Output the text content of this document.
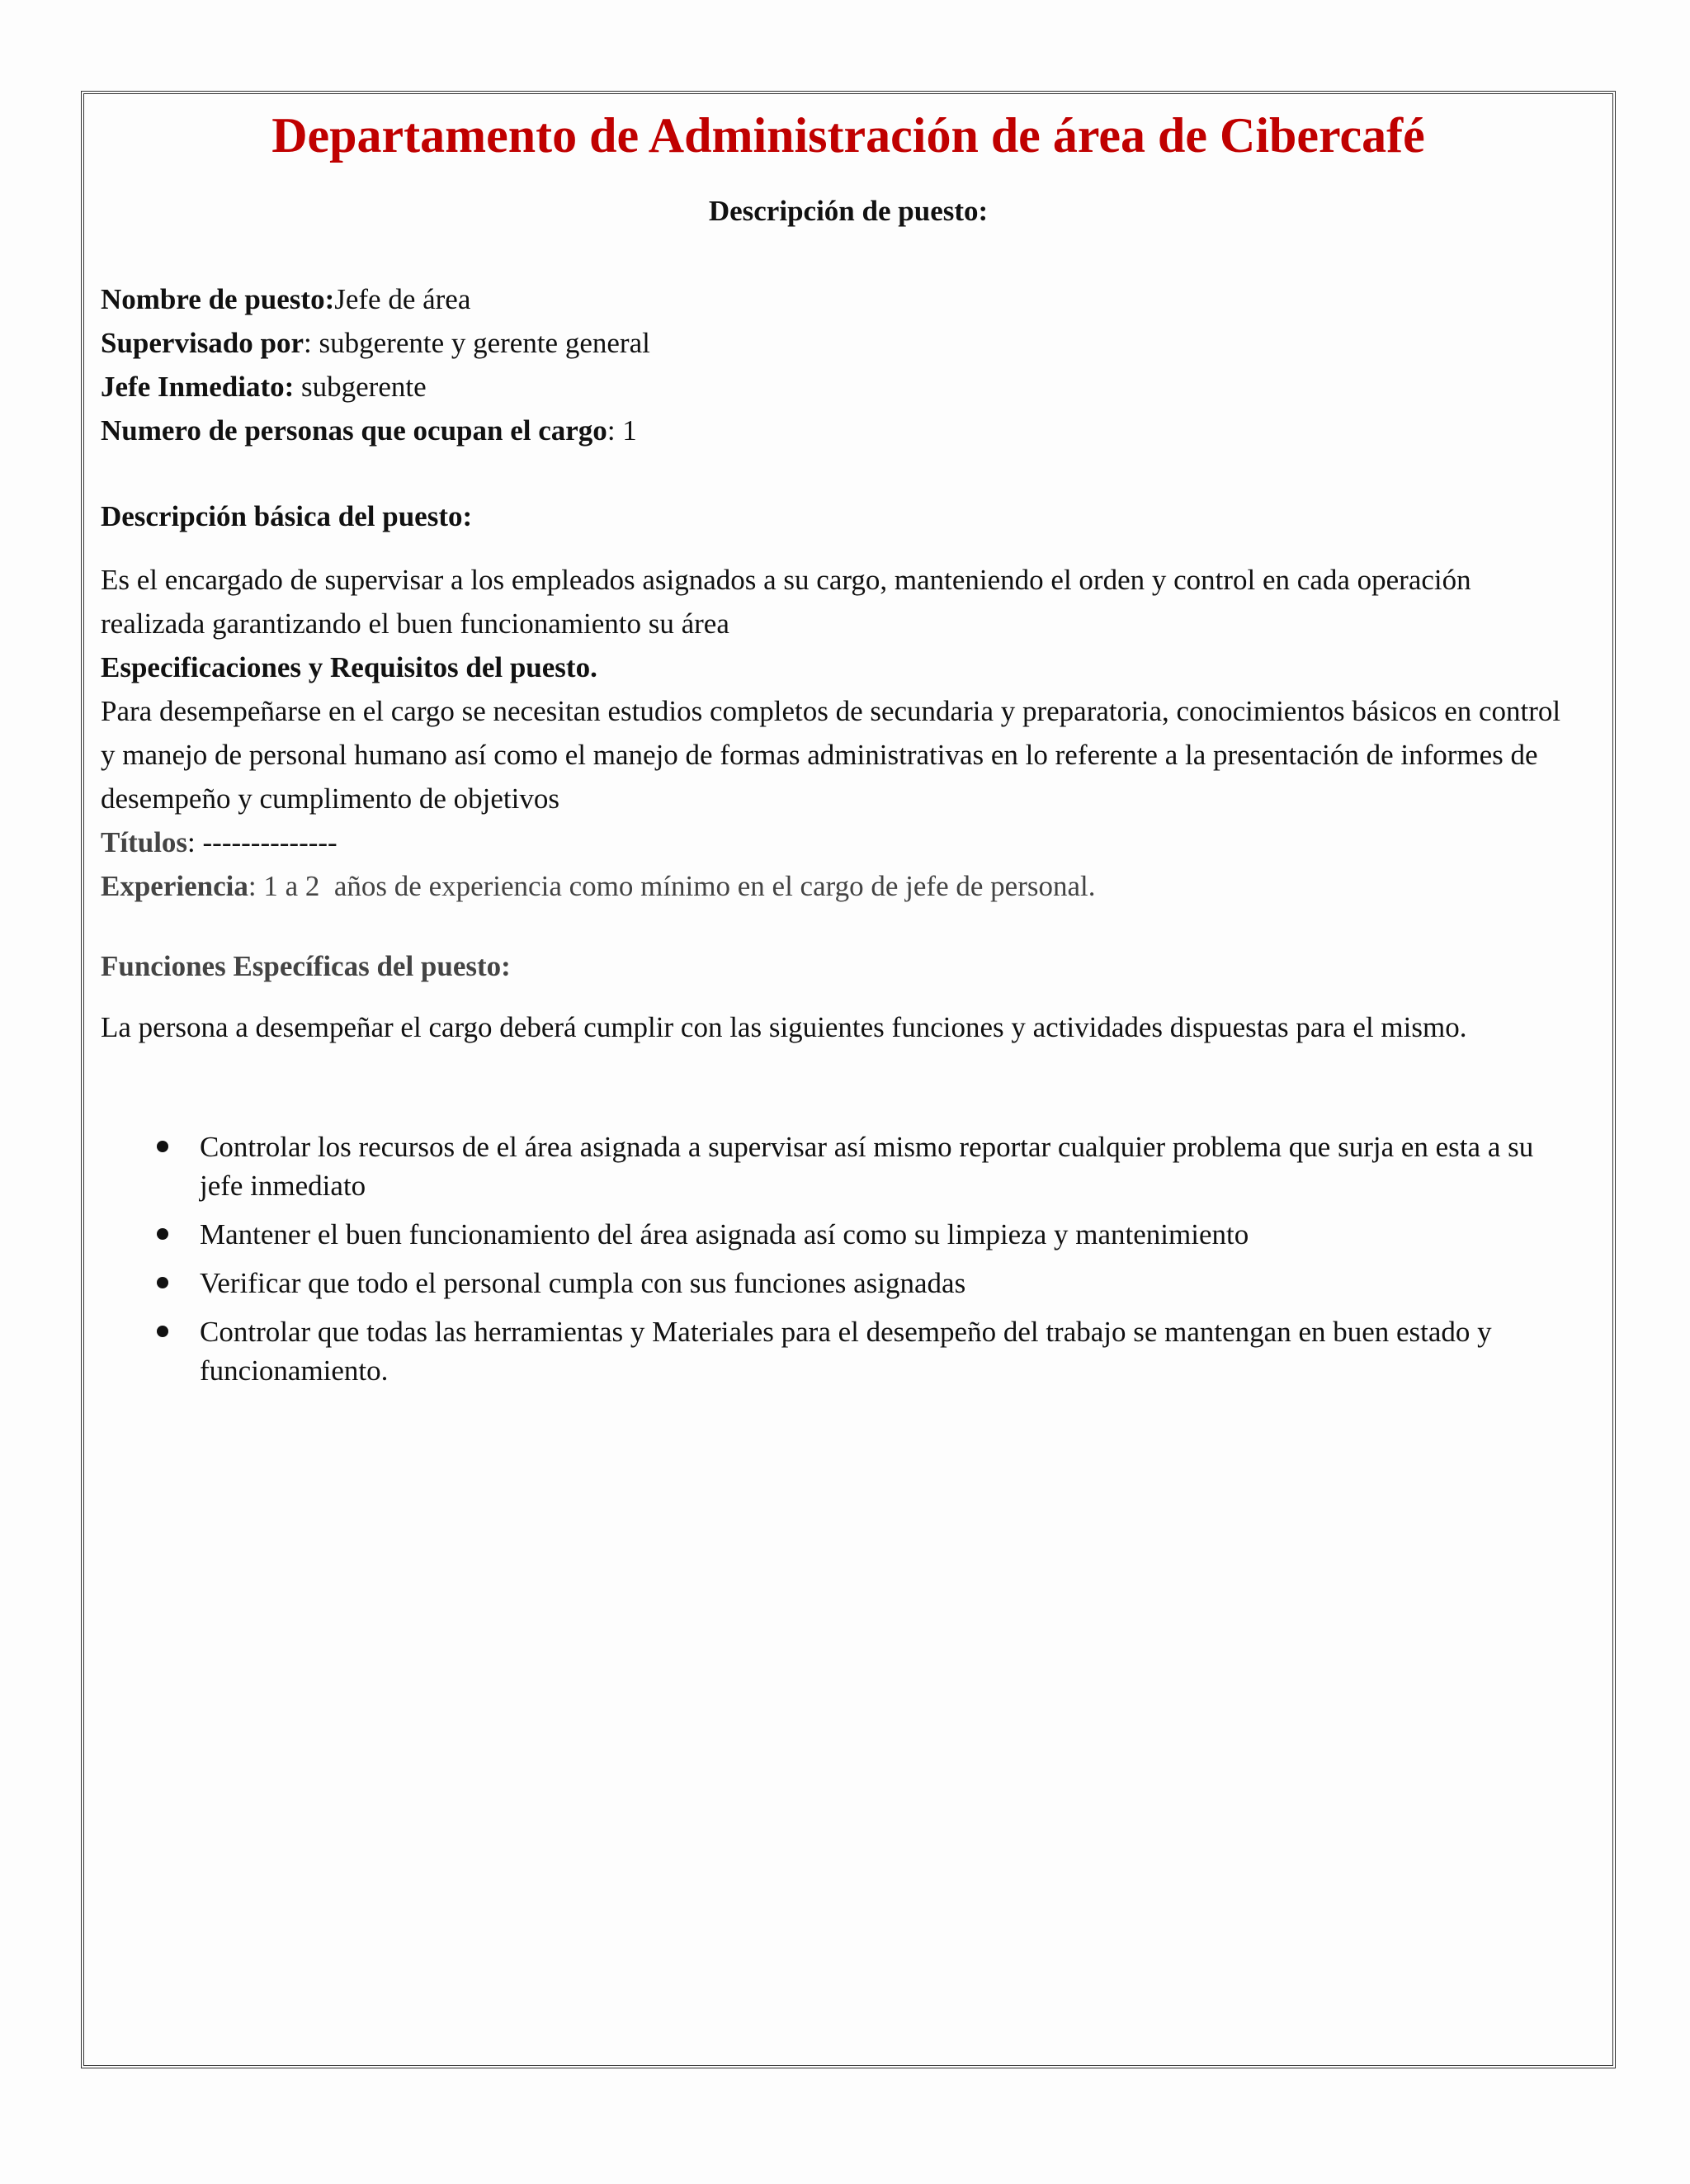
Departamento de Administración de área de Cibercafé
Descripción de puesto:
Nombre de puesto:Jefe de área
Supervisado por: subgerente y gerente general
Jefe Inmediato: subgerente
Numero de personas que ocupan el cargo: 1
Descripción básica del puesto:

Es el encargado de supervisar a los empleados asignados a su cargo, manteniendo el orden y control en cada operación realizada garantizando el buen funcionamiento su área

Especificaciones y Requisitos del puesto.

Para desempeñarse en el cargo se necesitan estudios completos de secundaria y preparatoria, conocimientos básicos en control y manejo de personal humano así como el manejo de formas administrativas en lo referente a la presentación de informes de desempeño y cumplimento de objetivos

Títulos: --------------
Experiencia: 1 a 2  años de experiencia como mínimo en el cargo de jefe de personal.
Funciones Específicas del puesto:

La persona a desempeñar el cargo deberá cumplir con las siguientes funciones y actividades dispuestas para el mismo.

Controlar los recursos de el área asignada a supervisar así mismo reportar cualquier problema que surja en esta a su jefe inmediato
Mantener el buen funcionamiento del área asignada así como su limpieza y mantenimiento
Verificar que todo el personal cumpla con sus funciones asignadas
Controlar que todas las herramientas y Materiales para el desempeño del trabajo se mantengan en buen estado y funcionamiento.
